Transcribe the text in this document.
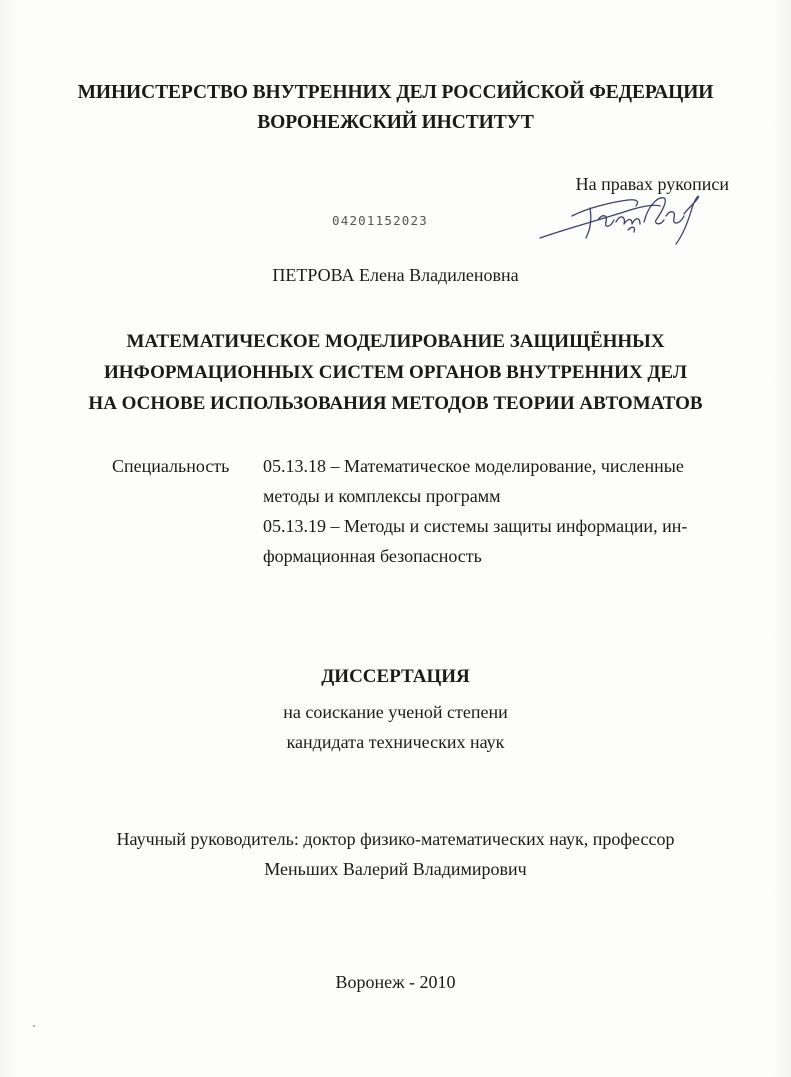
МИНИСТЕРСТВО ВНУТРЕННИХ ДЕЛ РОССИЙСКОЙ ФЕДЕРАЦИИ
ВОРОНЕЖСКИЙ ИНСТИТУТ
На правах рукописи
04201152023
ПЕТРОВА Елена Владиленовна
МАТЕМАТИЧЕСКОЕ МОДЕЛИРОВАНИЕ ЗАЩИЩЁННЫХ
ИНФОРМАЦИОННЫХ СИСТЕМ ОРГАНОВ ВНУТРЕННИХ ДЕЛ
НА ОСНОВЕ ИСПОЛЬЗОВАНИЯ МЕТОДОВ ТЕОРИИ АВТОМАТОВ
Специальность 05.13.18 – Математическое моделирование, численные
методы и комплексы программ
05.13.19 – Методы и системы защиты информации, ин-
формационная безопасность
ДИССЕРТАЦИЯ
на соискание ученой степени
кандидата технических наук
Научный руководитель: доктор физико-математических наук, профессор
Меньших Валерий Владимирович
Воронеж - 2010
